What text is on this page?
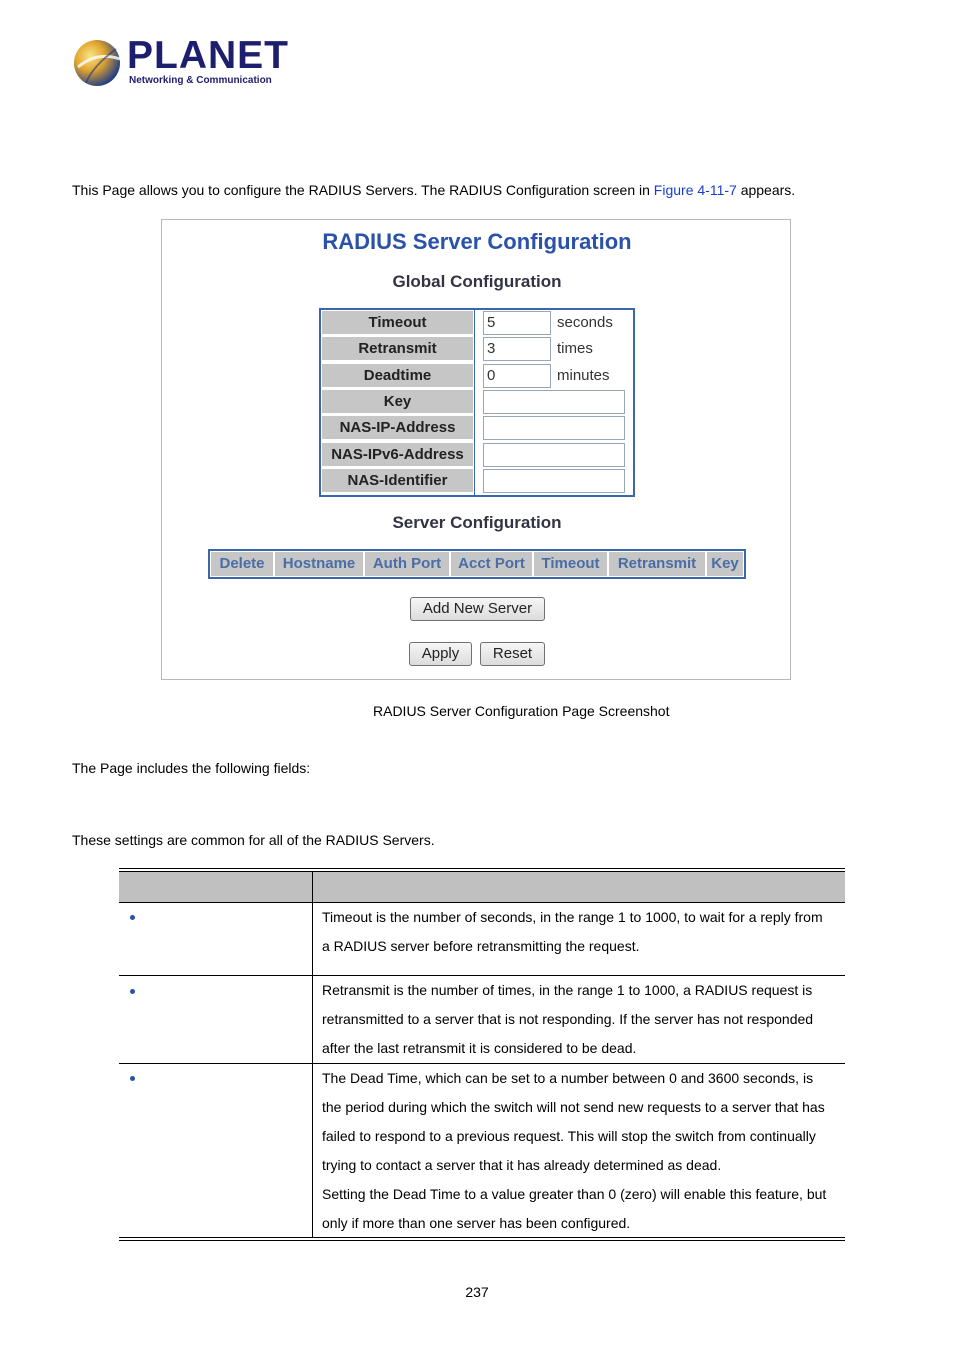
PLANET
Networking & Communication
This Page allows you to configure the RADIUS Servers. The RADIUS Configuration screen in Figure 4-11-7 appears.
RADIUS Server Configuration
Global Configuration
Timeout	5	seconds
Retransmit	3	times
Deadtime	0	minutes
Key
NAS-IP-Address
NAS-IPv6-Address
NAS-Identifier
Server Configuration
Delete	Hostname	Auth Port	Acct Port	Timeout	Retransmit	Key
Add New Server
Apply	Reset
RADIUS Server Configuration Page Screenshot
The Page includes the following fields:
These settings are common for all of the RADIUS Servers.
Timeout is the number of seconds, in the range 1 to 1000, to wait for a reply from
a RADIUS server before retransmitting the request.
Retransmit is the number of times, in the range 1 to 1000, a RADIUS request is
retransmitted to a server that is not responding. If the server has not responded
after the last retransmit it is considered to be dead.
The Dead Time, which can be set to a number between 0 and 3600 seconds, is
the period during which the switch will not send new requests to a server that has
failed to respond to a previous request. This will stop the switch from continually
trying to contact a server that it has already determined as dead.
Setting the Dead Time to a value greater than 0 (zero) will enable this feature, but
only if more than one server has been configured.
237
